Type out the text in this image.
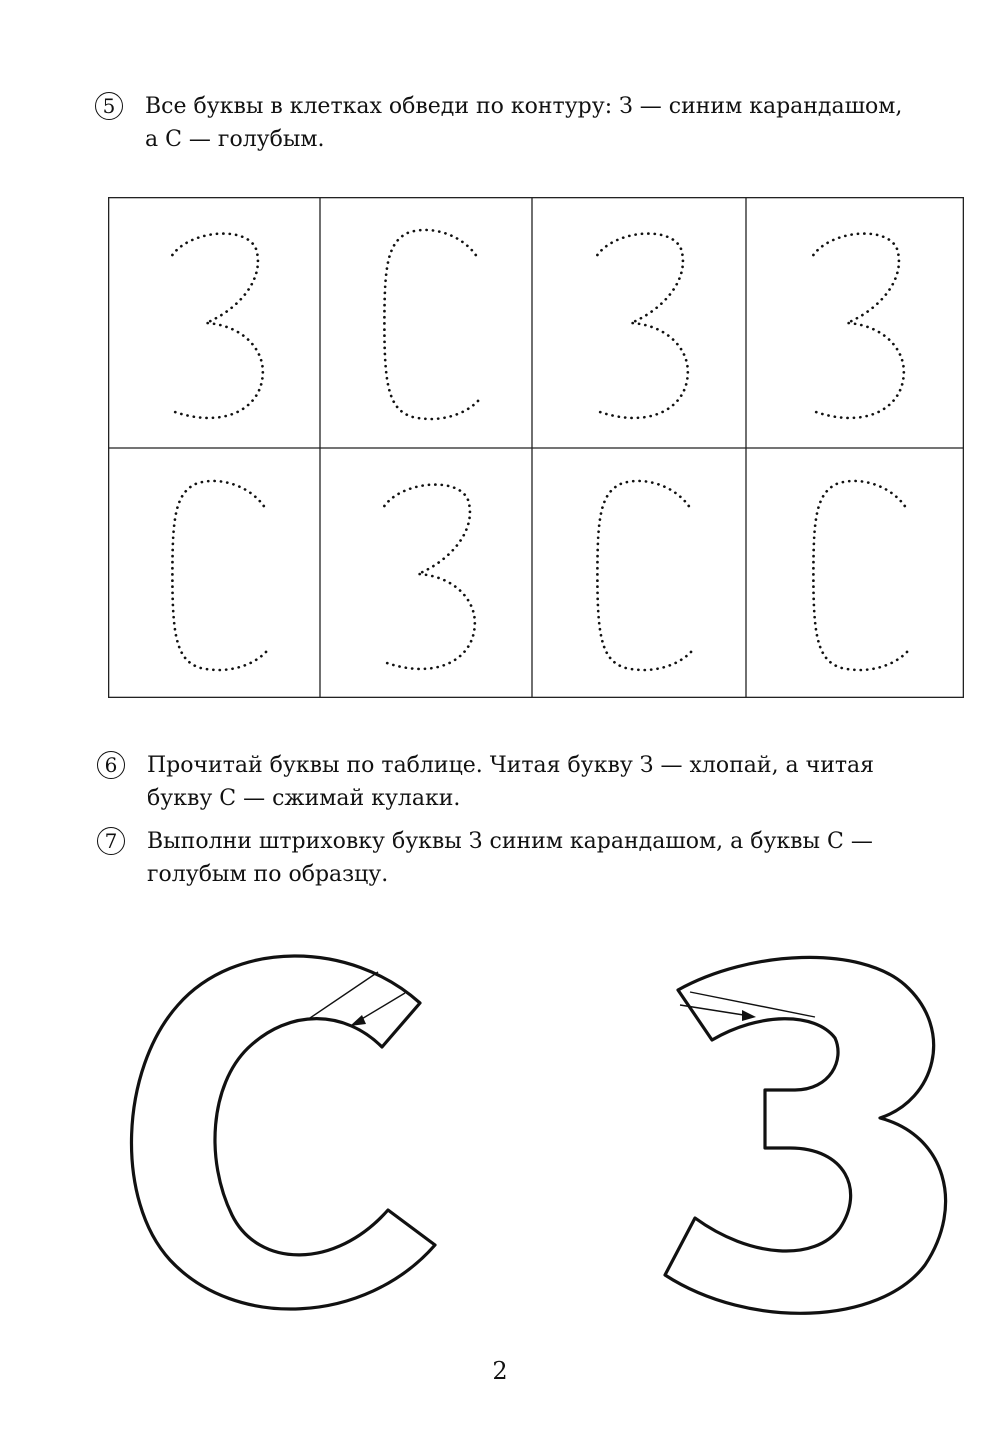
5	Все буквы в клетках обведи по контуру: З — синим карандашом,
а С — голубым.
6	Прочитай буквы по таблице. Читая букву З — хлопай, а читая
букву С — сжимай кулаки.
7	Выполни штриховку буквы З синим карандашом, а буквы С —
голубым по образцу.
2
